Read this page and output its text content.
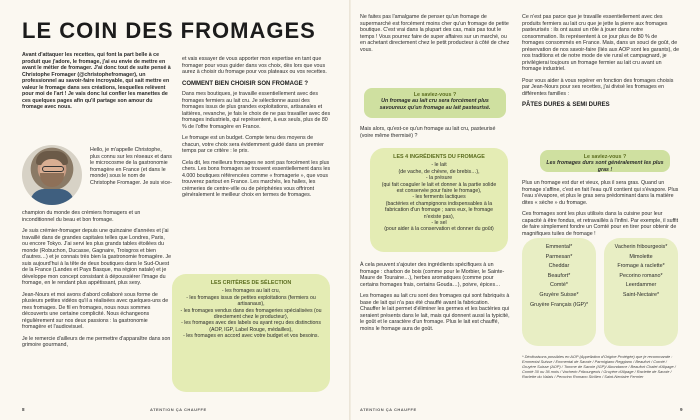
LE COIN DES FROMAGES

Avant d'attaquer les recettes, qui font la part belle à ce produit que j'adore, le fromage, j'ai eu envie de mettre en avant le métier de fromager. J'ai donc tout de suite pensé à Christophe Fromager (@christophefromager), un professionnel au savoir-faire incroyable, qui sait mettre en valeur le fromage dans ses créations, lesquelles relèvent pour moi de l'art ! Je vais donc lui confier les manettes de ces quelques pages afin qu'il partage son amour du fromage avec nous.

Hello, je m'appelle Christophe, plus connu sur les réseaux et dans le microcosme de la gastronomie fromagère en France (et dans le monde) sous le nom de Christophe Fromager. Je suis vice-

champion du monde des crémiers fromagers et un inconditionnel du beau et bon fromage.

Je suis crémier-fromager depuis une quinzaine d'années et j'ai travaillé dans de grandes capitales telles que Londres, Paris, ou encore Tokyo. J'ai servi les plus grands tables étoilées du monde (Robuchon, Ducasse, Gagnaire, Troisgros et bien d'autres…) et je connais très bien la gastronomie fromagère. Je suis aujourd'hui à la tête de deux boutiques dans le Sud-Ouest de la France (Landes et Pays Basque, ma région natale) et je développe mon concept consistant à dépoussiérer l'image du fromage, en le rendant plus appétissant, plus sexy.

Jean-Nours et moi avons d'abord collaboré sous forme de plusieurs petites vidéos qu'il a réalisées avec quelques-uns de mes fromages. De fil en fromages, nous nous sommes découverts une certaine complicité. Nous échangeons régulièrement sur nos deux passions : la gastronomie fromagère et l'audiovisuel.

Je le remercie d'ailleurs de me permettre d'apparaître dans son grimoire gourmand,

et vais essayer de vous apporter mon expertise en tant que fromager pour vous guider dans vos choix, dès lors que vous aurez à choisir du fromage pour vos plateaux ou vos recettes.

COMMENT BIEN CHOISIR SON FROMAGE ?

Dans mes boutiques, je travaille essentiellement avec des fromages fermiers au lait cru. Je sélectionne aussi des fromages issus de plus grandes exploitations, artisanales et laitières, revanche, je fais le choix de ne pas travailler avec des fromages industriels, qui représentent, à eux seuls, plus de 80 % de l'offre fromagère en France.

Le fromage est un budget. Compte tenu des moyens de chacun, votre choix sera évidemment guidé dans un premier temps par ce critère : le prix.

Cela dit, les meilleurs fromages ne sont pas forcément les plus chers. Les bons fromages se trouvent essentiellement dans les 4.000 boutiques référencées comme « fromagerie », que vous trouverez partout en France. Les marchés, les halles, les crémeries de centre-ville ou de périphéries vous offriront généralement le meilleur choix en termes de fromages.

LES CRITÈRES DE SÉLECTION
- les fromages au lait cru,
- les fromages issus de petites exploitations (fermiers ou artisanaux),
- les fromages vendus dans des fromageries spécialisées (ou directement chez le producteur),
- les fromages avec des labels ou ayant reçu des distinctions (AOP, IGP, Label Rouge, médailles),
- les fromages en accord avec votre budget et vos besoins.
8	ATENTION ÇA CHAUFFE

Ne faites pas l'amalgame de penser qu'un fromage de supermarché est forcément moins cher qu'un fromage de petite boutique. C'est vrai dans la plupart des cas, mais pas tout le temps ! Vous pourrez faire de super affaires sur un marché, ou en achetant directement chez le petit producteur à côté de chez vous.

Le saviez-vous ?
Un fromage au lait cru sera forcément plus savoureux qu'un fromage au lait pasteurisé.

Mais alors, qu'est-ce qu'un fromage au lait cru, pasteurisé (voire même thermisé) ?

LES 4 INGRÉDIENTS DU FROMAGE
- le lait
(de vache, de chèvre, de brebis…),
- la présure
(qui fait coaguler le lait et donner à la partie solide est conservée pour faire le fromage),
- les ferments lactiques
(bactéries et champignons indispensables à la fabrication d'un fromage ; sans eux, le fromage n'existe pas),
- le sel
(pour aider à la conservation et donner du goût)

À cela peuvent s'ajouter des ingrédients spécifiques à un fromage : charbon de bois (comme pour le Morbier, le Sainte-Maure de Touraine…), herbes aromatiques (comme pour certains fromages frais, certains Gouda…), poivre, épices…

Les fromages au lait cru sont des fromages qui sont fabriqués à base de lait qui n'a pas été chauffé avant la fabrication. Chauffer le lait permet d'éliminer les germes et les bactéries qui seraient présents dans le lait, mais qui donnent aussi la typicité, le goût et le caractère d'un fromage. Plus le lait est chauffé, moins le fromage aura de goût.

Ce n'est pas parce que je travaille essentiellement avec des produits fermiers au lait cru que je jette la pierre aux fromages pasteurisés : ils ont aussi un rôle à jouer dans notre consommation. Ils représentent à ce jour plus de 80 % de fromages consommés en France. Mais, dans un souci de goût, de préservation de nos savoir-faire (liés aux AOP sont les garants), de nos traditions et de notre mode de vie rural et campagnard, je privilégierai toujours un fromage fermier au lait cru avant un fromage industriel.

Pour vous aider à vous repérer en fonction des fromages choisis par Jean-Nours pour ses recettes, j'ai divisé les fromages en différentes familles :

PÂTES DURES & SEMI DURES
Le saviez-vous ?
Les fromages durs sont généralement les plus gras !

Plus un fromage est dur et vieux, plus il sera gras. Quand un fromage s'affine, c'est en fait l'eau qu'il contient qui s'évapore. Plus l'eau s'évapore, et plus le gras sera prédominant dans la matière dites « sèche » du fromage.

Ces fromages sont les plus utilisés dans la cuisine pour leur capacité à être fondus, et retravaillés à l'infini. Par exemple, il suffit de faire simplement fondre un Comté pour en tirer pour obtenir de magnifiques tuiles de fromage !

Emmental*
Parmesan*
Cheddar
Beaufort*
Comté*
Gruyère Suisse*
Gruyère Français (IGP)*
Vacherin fribourgeois*
Mimolette
Fromage à raclette*
Pecorino romano*
Leerdammer
Saint-Nectaire*
* Déclinaisons possibles en AOP (Appellation d'Origine Protégée) que je recommande : Emmental Suisse / Emmental de Savoie / Parmigiano Reggiano / Beaufort / Comté / Gruyère Suisse (AOP) / Tomme de Savoie (IGP)/ Abondance / Beaufort Chalet d'Alpage / Comté 30 ou 36 mois / Vacherin Fribourgeois / Gruyère d'Alpage / Raclette de Savoie / Raclette du Valais / Pecorino Romano Sicilien / Saint-Nectaire Fermier
ATENTION ÇA CHAUFFE	9
